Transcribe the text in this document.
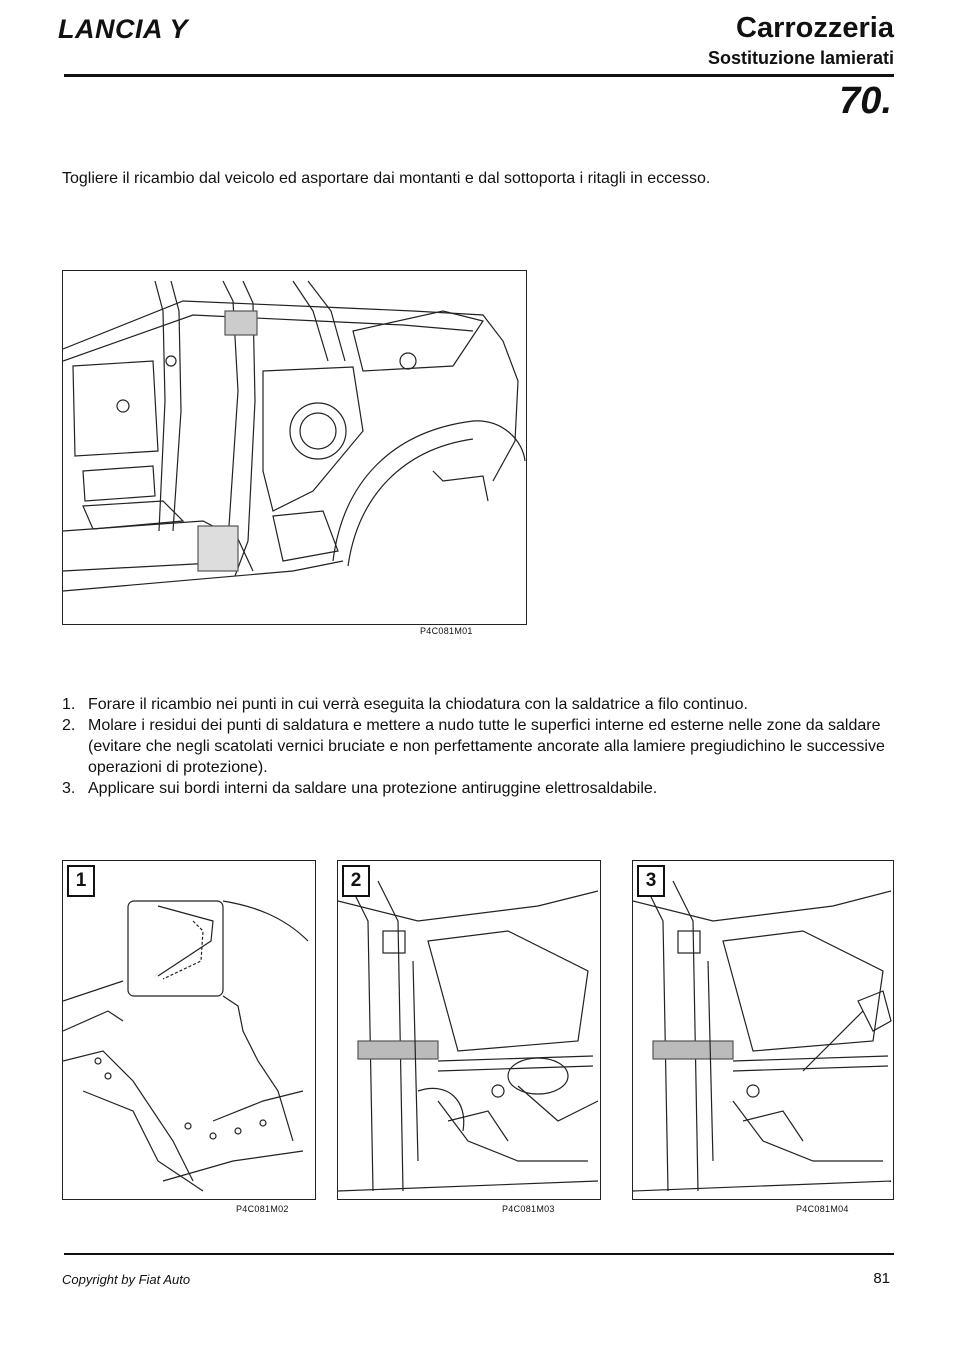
LANCIA Y	Carrozzeria
Sostituzione lamierati
70.
Togliere il ricambio dal veicolo ed asportare dai montanti e dal sottoporta i ritagli in eccesso.
P4C081M01
1. Forare il ricambio nei punti in cui verrà eseguita la chiodatura con la saldatrice a filo continuo.
2. Molare i residui dei punti di saldatura e mettere a nudo tutte le superfici interne ed esterne nelle zone da saldare (evitare che negli scatolati vernici bruciate e non perfettamente ancorate alla lamiere pregiudichino le successive operazioni di protezione).
3. Applicare sui bordi interni da saldare una protezione antiruggine elettrosaldabile.
1
P4C081M02
2
P4C081M03
3
P4C081M04
Copyright by Fiat Auto	81
